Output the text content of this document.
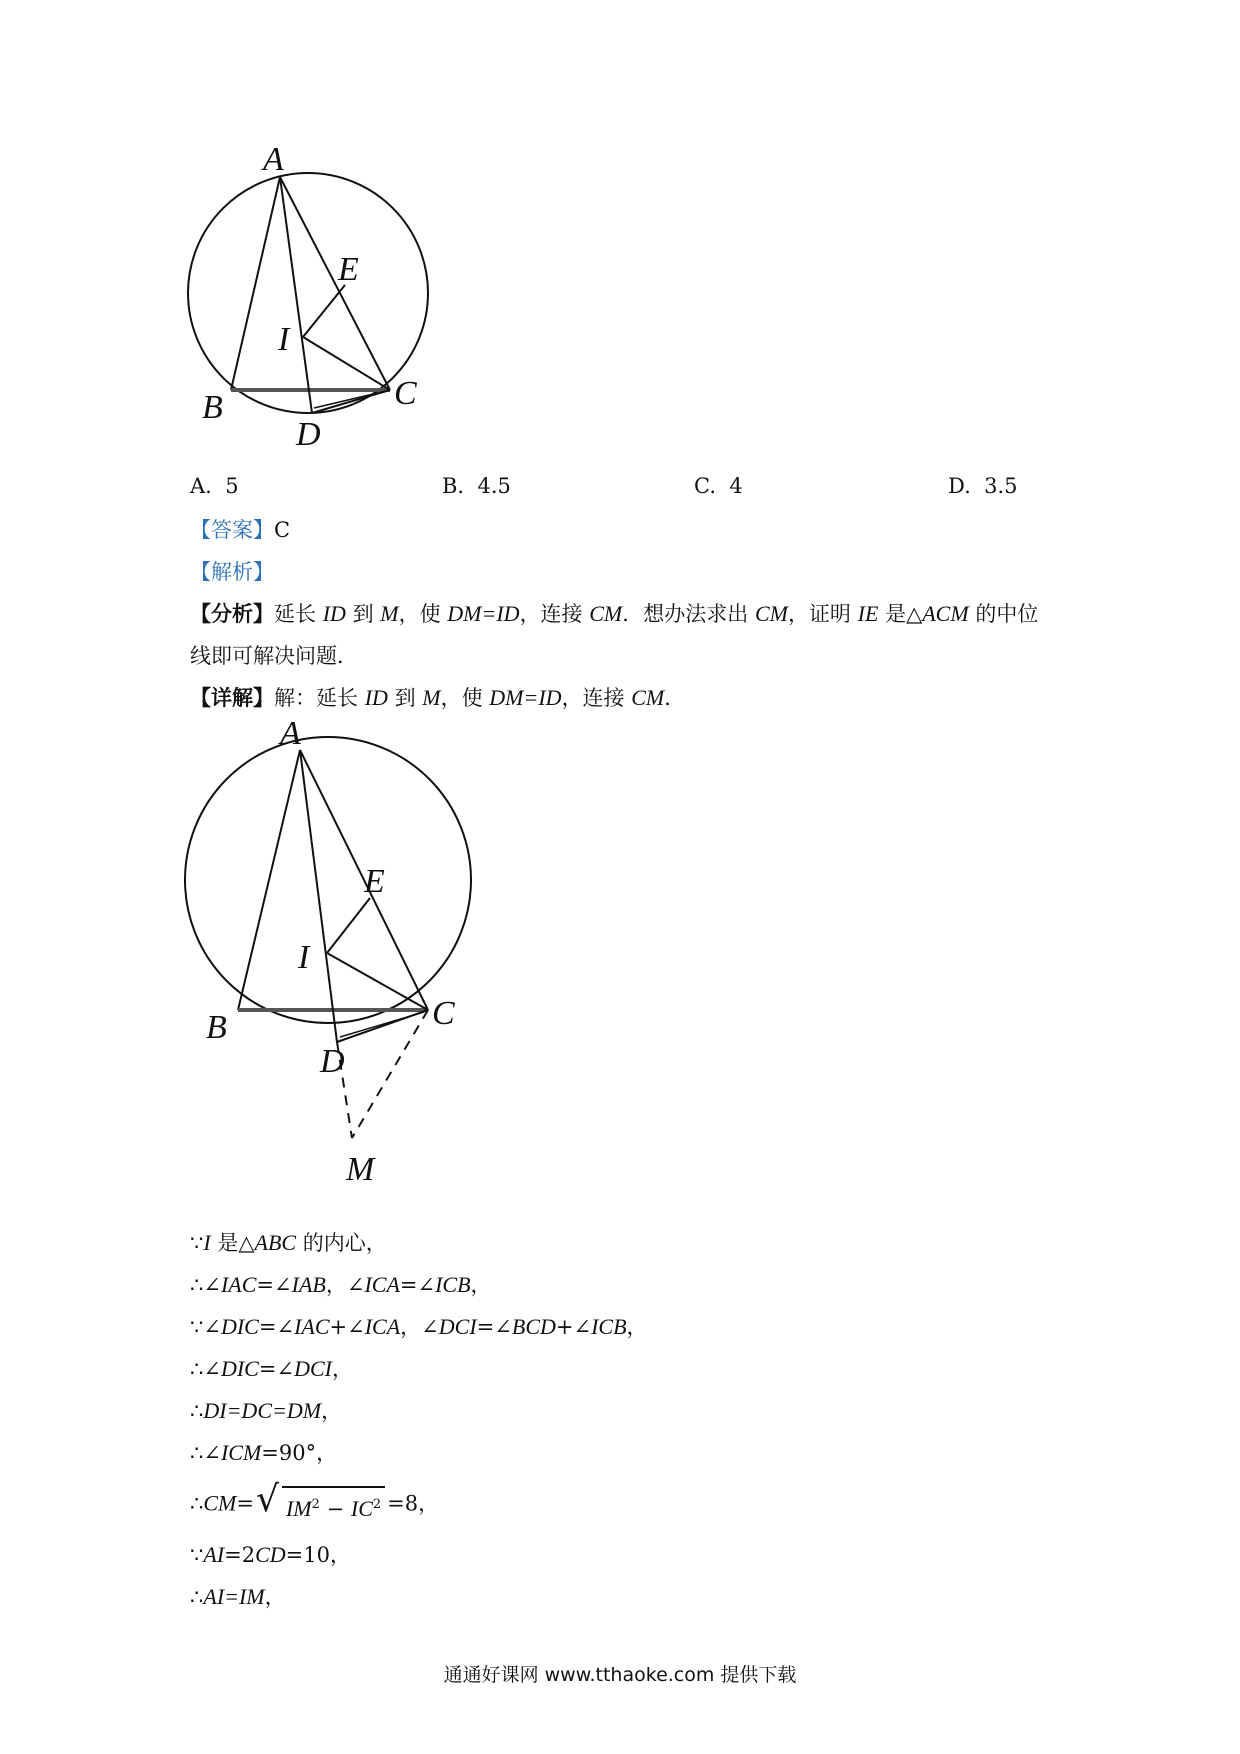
A
B	C
D
E
I
A. 5	B. 4.5	C. 4	D. 3.5
【答案】C
【解析】
【分析】延长 ID 到 M，使 DM=ID，连接 CM．想办法求出 CM，证明 IE 是△ACM 的中位
线即可解决问题．
【详解】解：延长 ID 到 M，使 DM=ID，连接 CM．
A
B	C
D
E
I
M
∵I 是△ABC 的内心，
∴∠IAC=∠IAB，∠ICA=∠ICB，
∵∠DIC=∠IAC+∠ICA，∠DCI=∠BCD+∠ICB，
∴∠DIC=∠DCI，
∴DI=DC=DM，
∴∠ICM=90°，
∴CM= √ $IM^2 - IC^2 =8$，
∵AI=2CD=10，
∴AI=IM，
通通好课网 www.tthaoke.com 提供下载
